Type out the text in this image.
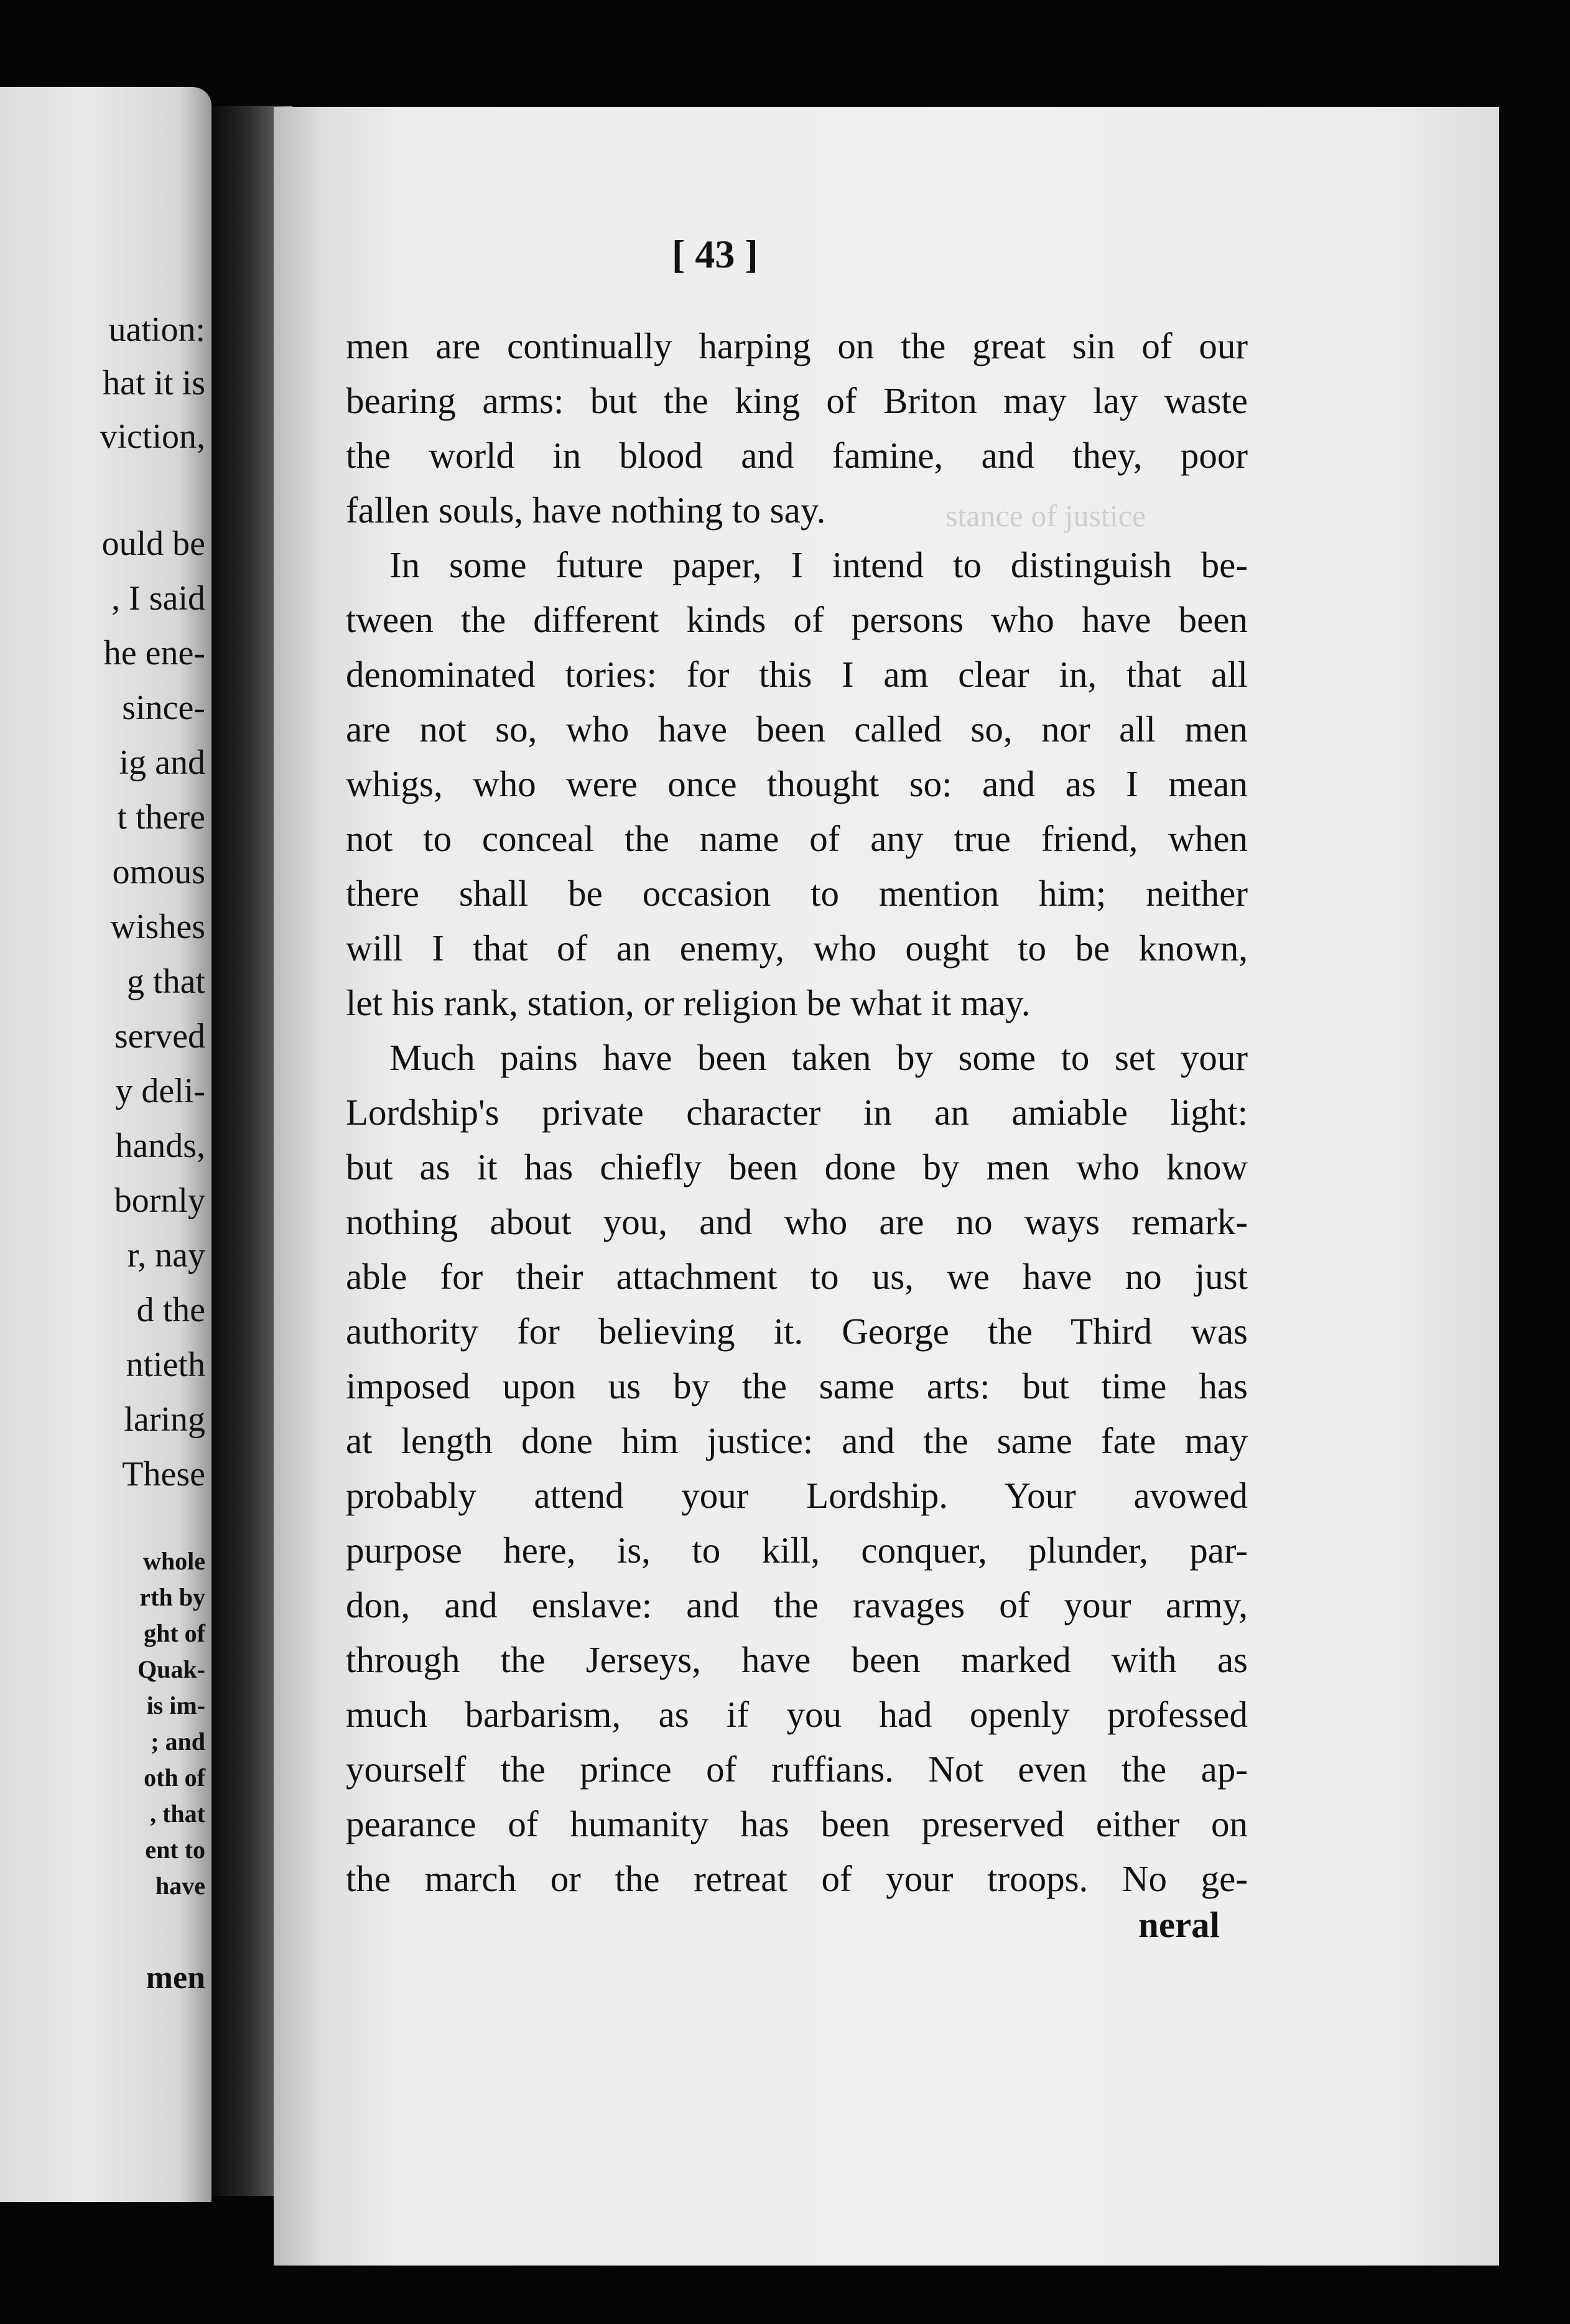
uation:
hat it is
viction,
ould be
, I said
he ene-
since-
ig and
t there
omous
wishes
g that
served
y deli-
hands,
bornly
r, nay
d the
ntieth
laring
These
whole
rth by
ght of
Quak-
is im-
; and
oth of
, that
ent to
have
men
stance of justice
[ 43 ]
men are continually harping on the great sin of our
bearing arms: but the king of Briton may lay waste
the world in blood and famine, and they, poor
fallen souls, have nothing to say.
In some future paper, I intend to distinguish be-
tween the different kinds of persons who have been
denominated tories: for this I am clear in, that all
are not so, who have been called so, nor all men
whigs, who were once thought so: and as I mean
not to conceal the name of any true friend, when
there shall be occasion to mention him; neither
will I that of an enemy, who ought to be known,
let his rank, station, or religion be what it may.
Much pains have been taken by some to set your
Lordship's private character in an amiable light:
but as it has chiefly been done by men who know
nothing about you, and who are no ways remark-
able for their attachment to us, we have no just
authority for believing it. George the Third was
imposed upon us by the same arts: but time has
at length done him justice: and the same fate may
probably attend your Lordship. Your avowed
purpose here, is, to kill, conquer, plunder, par-
don, and enslave: and the ravages of your army,
through the Jerseys, have been marked with as
much barbarism, as if you had openly professed
yourself the prince of ruffians. Not even the ap-
pearance of humanity has been preserved either on
the march or the retreat of your troops. No ge-
neral
